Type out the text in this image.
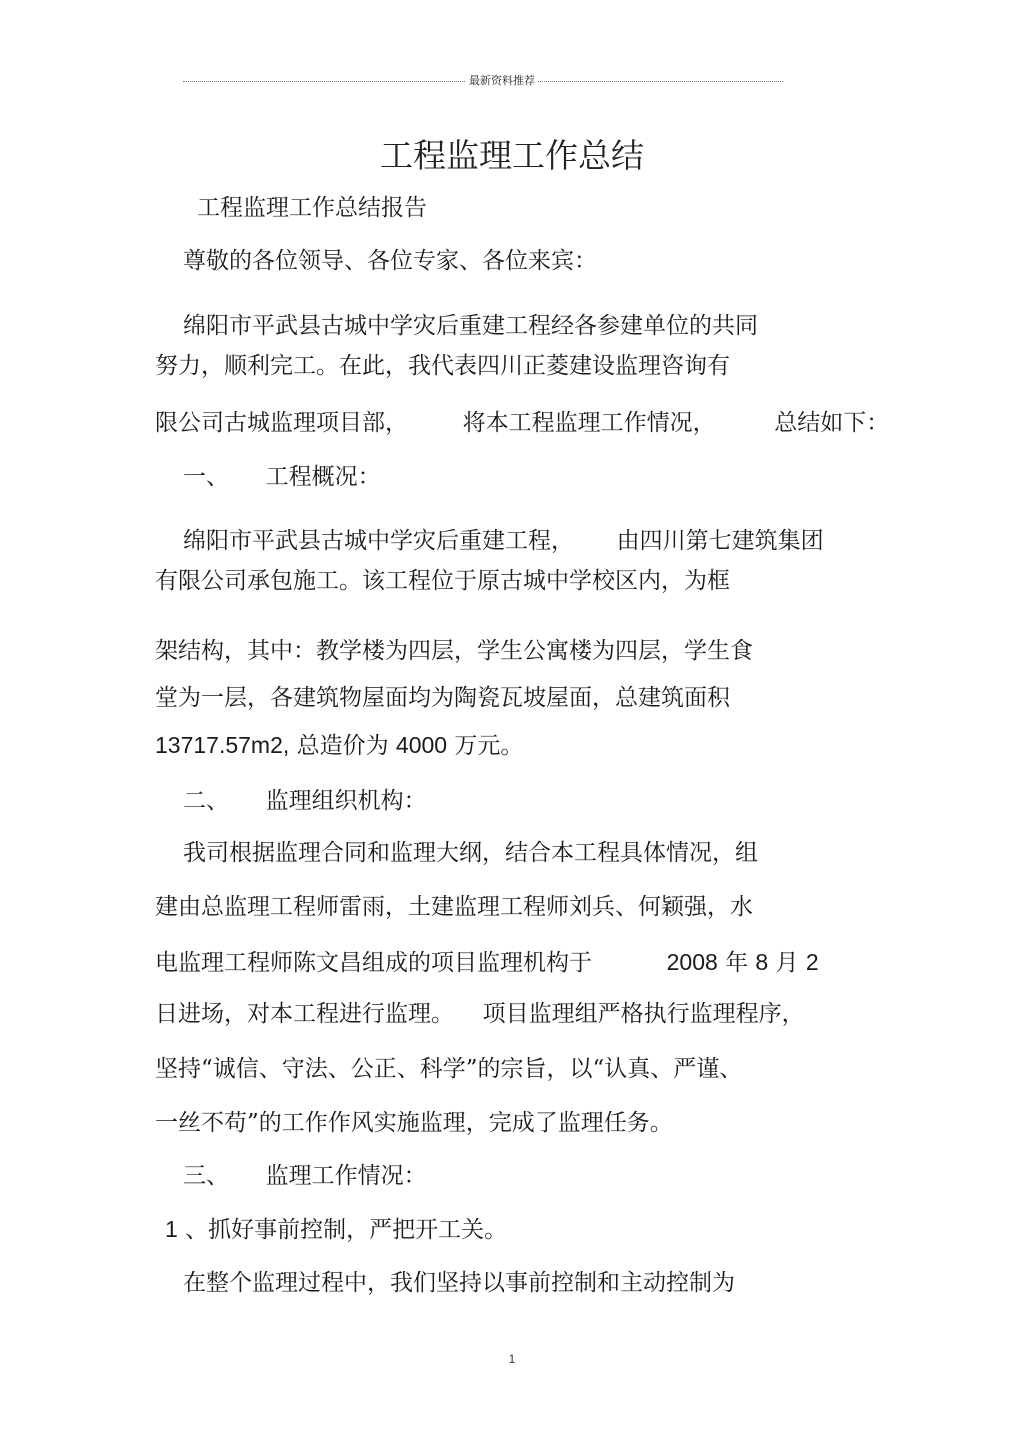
最新资料推荐
工程监理工作总结
工程监理工作总结报告
尊敬的各位领导、各位专家、各位来宾：
绵阳市平武县古城中学灾后重建工程经各参建单位的共同
努力，顺利完工。在此，我代表四川正菱建设监理咨询有
限公司古城监理项目部， 将本工程监理工作情况，	总结如下：
一、 工程概况：
绵阳市平武县古城中学灾后重建工程， 由四川第七建筑集团
有限公司承包施工。该工程位于原古城中学校区内，为框
架结构，其中：教学楼为四层，学生公寓楼为四层，学生食
堂为一层，各建筑物屋面均为陶瓷瓦坡屋面，总建筑面积
13717.57m2, 总造价为 4000 万元。
二、 监理组织机构：
我司根据监理合同和监理大纲，结合本工程具体情况，组
建由总监理工程师雷雨，土建监理工程师刘兵、何颖强，水
电监理工程师陈文昌组成的项目监理机构于	2008 年 8 月 2
日进场，对本工程进行监理。 项目监理组严格执行监理程序，
坚持“诚信、守法、公正、科学”的宗旨，以“认真、严谨、
一丝不苟”的工作作风实施监理，完成了监理任务。
三、 监理工作情况：
1 、抓好事前控制，严把开工关。
在整个监理过程中，我们坚持以事前控制和主动控制为
1
